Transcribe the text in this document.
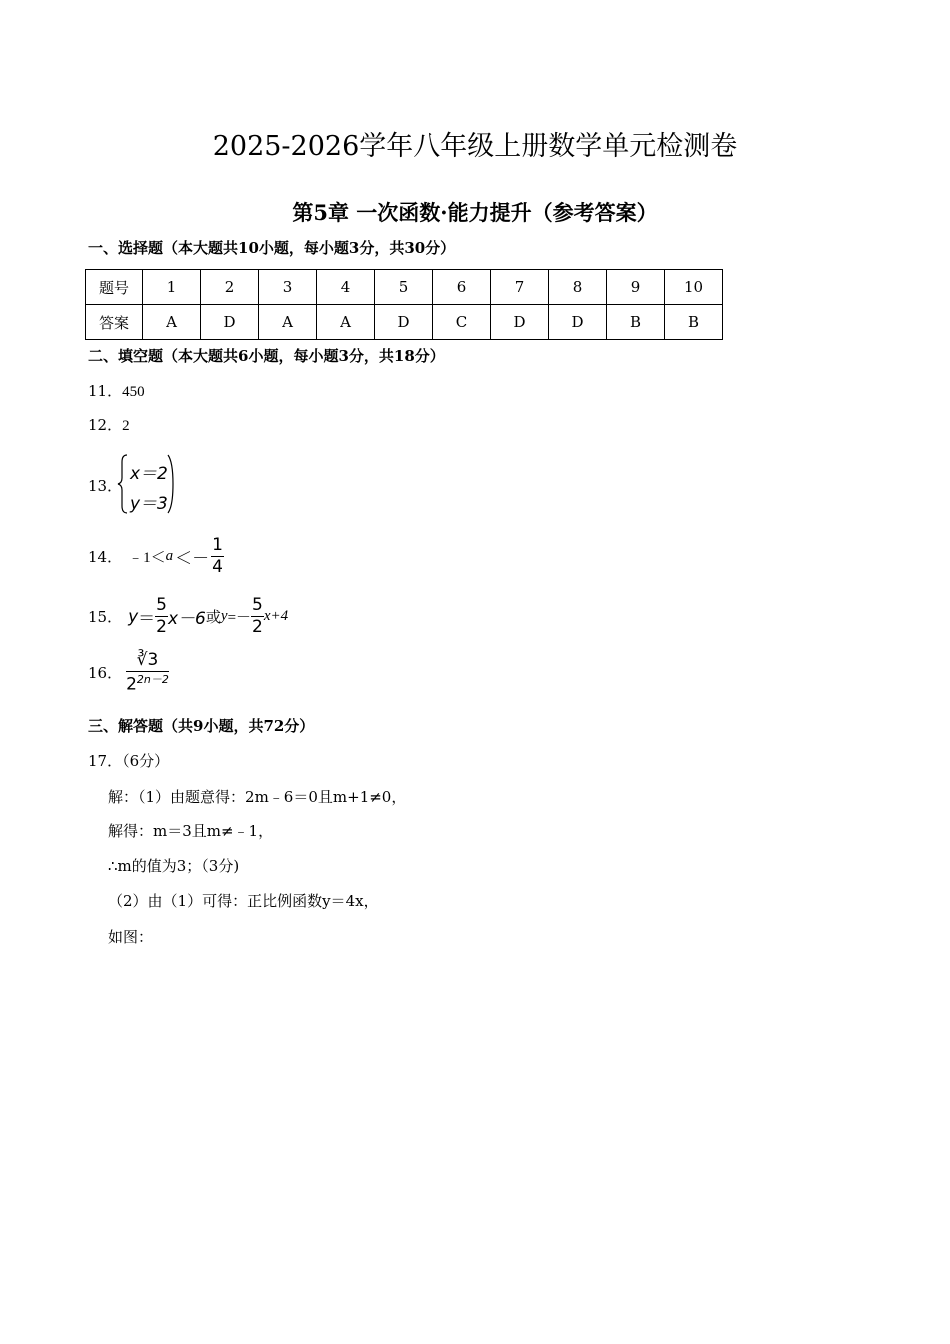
2025-2026学年八年级上册数学单元检测卷
第5章 一次函数·能力提升（参考答案）
一、选择题（本大题共10小题，每小题3分，共30分）
题号	1	2	3	4	5	6	7	8	9	10
答案	A	D	A	A	D	C	D	D	B	B
二、填空题（本大题共6小题，每小题3分，共18分）
11．450
12．2
13．
x＝2
y＝3
14． ﹣1＜ $a <- \frac{1}{4}$
15． $y = \frac{5}{2} x-6$ 或 $y =- \frac{5}{2} x+4$
16． $\frac{∛3}{2^{2n-2}}$
三、解答题（共9小题，共72分）
17．（6分）
解：（1）由题意得：2m﹣6＝0且m+1≠0，
解得：m＝3且m≠﹣1，
∴m的值为3；（3分)
（2）由（1）可得：正比例函数y＝4x，
如图：
